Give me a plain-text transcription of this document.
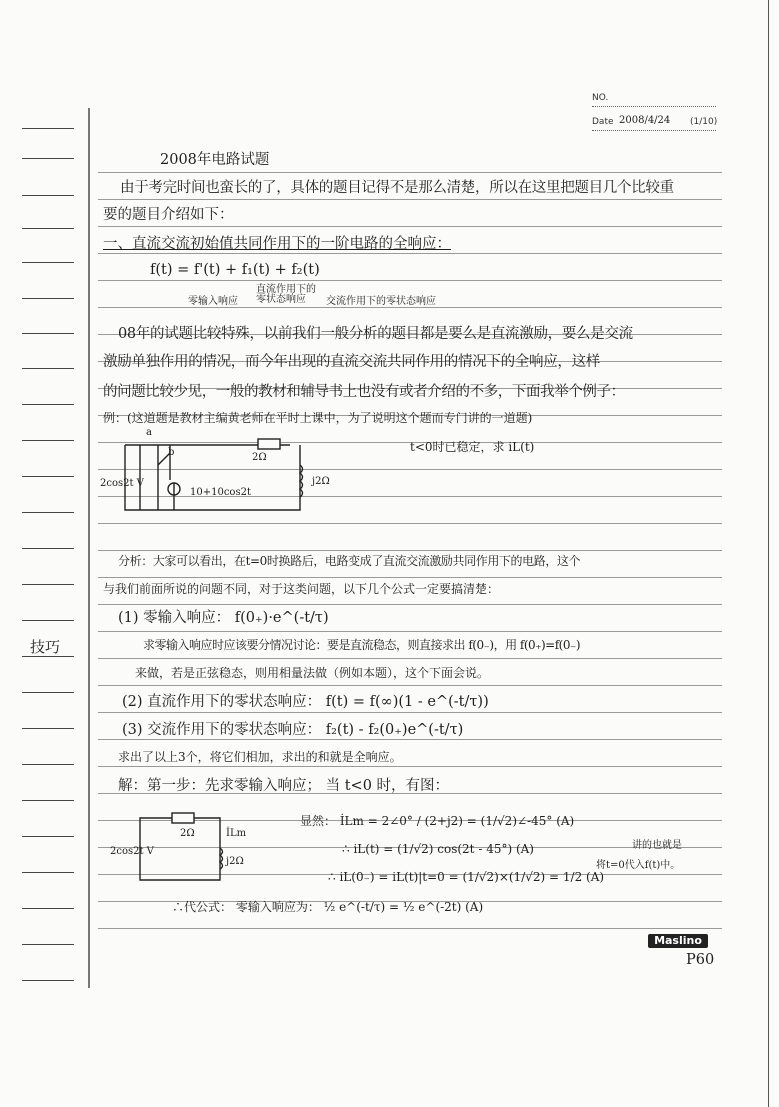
NO.
Date 2008/4/24 (1/10)
2008年电路试题
由于考完时间也蛮长的了，具体的题目记得不是那么清楚，所以在这里把题目几个比较重
要的题目介绍如下：
一、直流交流初始值共同作用下的一阶电路的全响应：
f(t) = f'(t) + f₁(t) + f₂(t)
零输入响应
直流作用下的零状态响应	交流作用下的零状态响应
08年的试题比较特殊，以前我们一般分析的题目都是要么是直流激励，要么是交流
激励单独作用的情况，而今年出现的直流交流共同作用的情况下的全响应，这样
的问题比较少见，一般的教材和辅导书上也没有或者介绍的不多，下面我举个例子：
例：(这道题是教材主编黄老师在平时上课中，为了说明这个题而专门讲的一道题)
t<0时已稳定，求 iL(t)
a
b	2Ω
j2Ω
2cos2t V
10+10cos2t
分析：大家可以看出，在t=0时换路后，电路变成了直流交流激励共同作用下的电路，这个
与我们前面所说的问题不同，对于这类问题，以下几个公式一定要搞清楚：
(1) 零输入响应： f(0₊)·e^(-t/τ)
求零输入响应时应该要分情况讨论：要是直流稳态，则直接求出 f(0₋)，用 f(0₊)=f(0₋)
来做，若是正弦稳态，则用相量法做（例如本题），这个下面会说。
(2) 直流作用下的零状态响应： f(t) = f(∞)(1 - e^(-t/τ))
(3) 交流作用下的零状态响应： f₂(t) - f₂(0₊)e^(-t/τ)
求出了以上3个，将它们相加，求出的和就是全响应。
解：第一步：先求零输入响应； 当 t<0 时，有图：
技巧
2Ω	İLm
j2Ω
2cos2t V
显然： İLm = 2∠0° / (2+j2) = (1/√2)∠-45° (A)
∴ iL(t) = (1/√2) cos(2t - 45°) (A)
∴ iL(0₋) = iL(t)|t=0 = (1/√2)×(1/√2) = 1/2 (A)
讲的也就是
将t=0代入f(t)中。
∴代公式： 零输入响应为： ½ e^(-t/τ) = ½ e^(-2t) (A)
Maslino
P60
